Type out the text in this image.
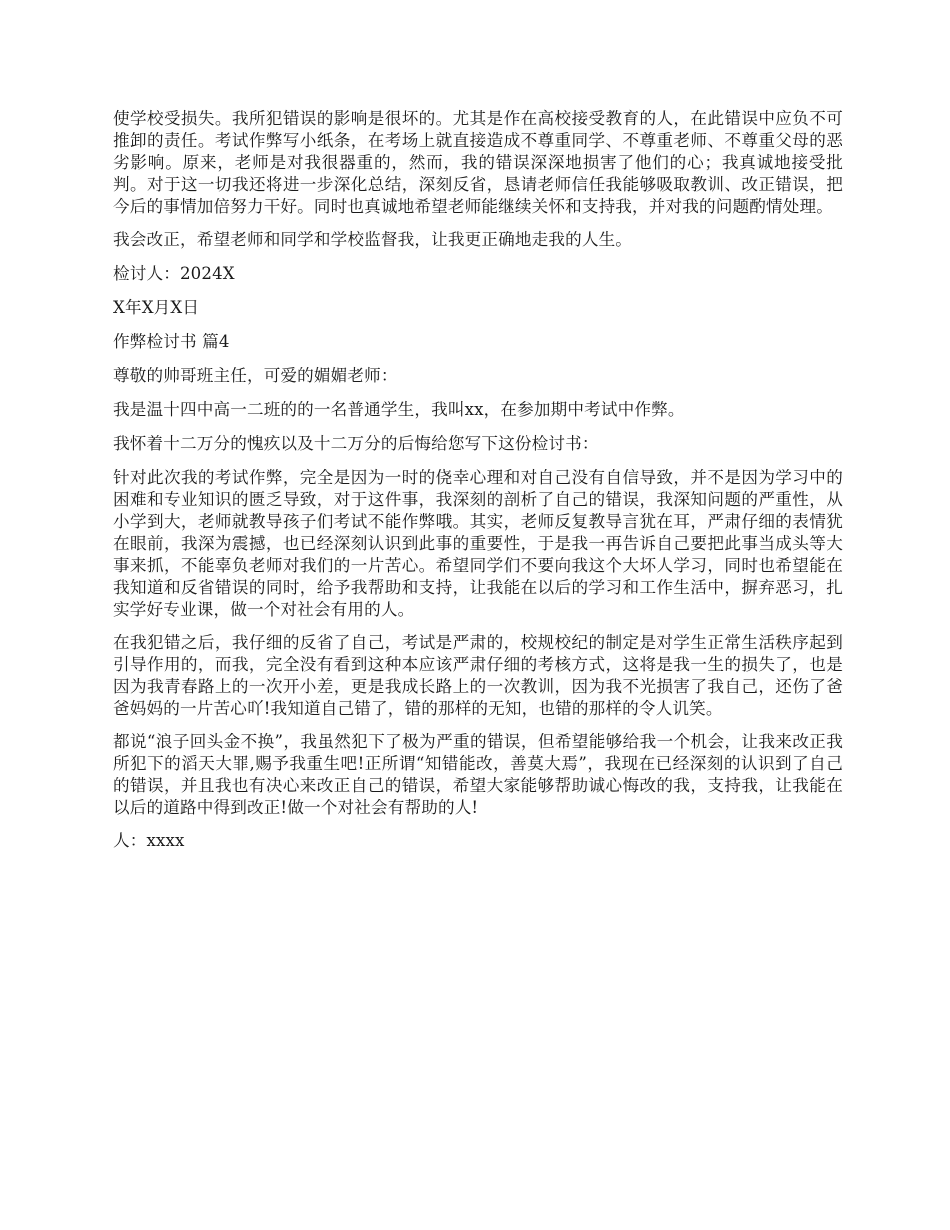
使学校受损失。我所犯错误的影响是很坏的。尤其是作在高校接受教育的人，在此错误中应负不可推卸的责任。考试作弊写小纸条，在考场上就直接造成不尊重同学、不尊重老师、不尊重父母的恶劣影响。原来，老师是对我很器重的，然而，我的错误深深地损害了他们的心；我真诚地接受批判。对于这一切我还将进一步深化总结，深刻反省，恳请老师信任我能够吸取教训、改正错误，把今后的事情加倍努力干好。同时也真诚地希望老师能继续关怀和支持我，并对我的问题酌情处理。

我会改正，希望老师和同学和学校监督我，让我更正确地走我的人生。

检讨人：2024X

X年X月X日

作弊检讨书 篇4

尊敬的帅哥班主任，可爱的媚媚老师：

我是温十四中高一二班的的一名普通学生，我叫xx，在参加期中考试中作弊。

我怀着十二万分的愧疚以及十二万分的后悔给您写下这份检讨书：

针对此次我的考试作弊，完全是因为一时的侥幸心理和对自己没有自信导致，并不是因为学习中的困难和专业知识的匮乏导致，对于这件事，我深刻的剖析了自己的错误，我深知问题的严重性，从小学到大，老师就教导孩子们考试不能作弊哦。其实，老师反复教导言犹在耳，严肃仔细的表情犹在眼前，我深为震撼，也已经深刻认识到此事的重要性，于是我一再告诉自己要把此事当成头等大事来抓，不能辜负老师对我们的一片苦心。希望同学们不要向我这个大坏人学习，同时也希望能在我知道和反省错误的同时，给予我帮助和支持，让我能在以后的学习和工作生活中，摒弃恶习，扎实学好专业课，做一个对社会有用的人。

在我犯错之后，我仔细的反省了自己，考试是严肃的，校规校纪的制定是对学生正常生活秩序起到引导作用的，而我，完全没有看到这种本应该严肃仔细的考核方式，这将是我一生的损失了，也是因为我青春路上的一次开小差，更是我成长路上的一次教训，因为我不光损害了我自己，还伤了爸爸妈妈的一片苦心吖!我知道自己错了，错的那样的无知，也错的那样的令人讥笑。

都说“浪子回头金不换”，我虽然犯下了极为严重的错误，但希望能够给我一个机会，让我来改正我所犯下的滔天大罪,赐予我重生吧!正所谓“知错能改，善莫大焉”，我现在已经深刻的认识到了自己的错误，并且我也有决心来改正自己的错误，希望大家能够帮助诚心悔改的我，支持我，让我能在以后的道路中得到改正!做一个对社会有帮助的人!

人：xxxx
